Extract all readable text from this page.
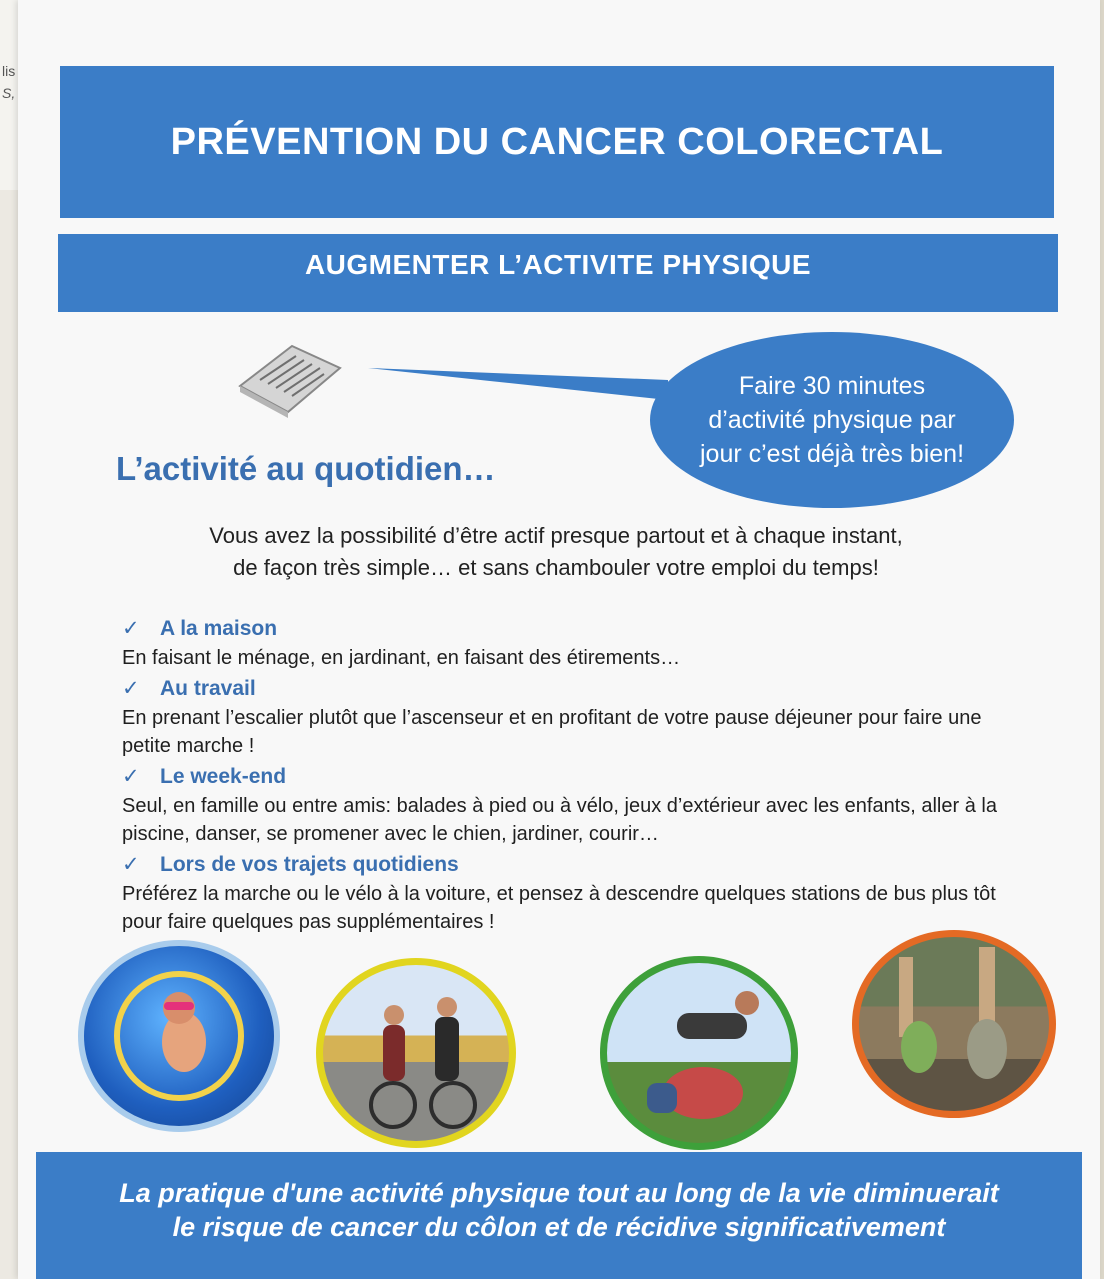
lis
S,
PRÉVENTION DU CANCER COLORECTAL
AUGMENTER L’ACTIVITE PHYSIQUE
Faire 30 minutes d’activité physique par jour c’est déjà très bien!
L’activité au quotidien…
Vous avez la possibilité d’être actif presque partout et à chaque instant,
de façon très simple… et sans chambouler votre emploi du temps!
✓ A la maison
En faisant le ménage, en jardinant, en faisant des étirements…
✓ Au travail
En prenant l’escalier plutôt que l’ascenseur et en profitant de votre pause déjeuner pour faire une petite marche !
✓ Le week-end
Seul, en famille ou entre amis: balades à pied ou à vélo, jeux d’extérieur avec les enfants, aller à la piscine, danser, se promener avec le chien, jardiner, courir…
✓ Lors de vos trajets quotidiens
Préférez la marche ou le vélo à la voiture, et pensez à descendre quelques stations de bus plus tôt pour faire quelques pas supplémentaires !
La pratique d'une activité physique tout au long de la vie diminuerait
le risque de cancer du côlon et de récidive significativement
